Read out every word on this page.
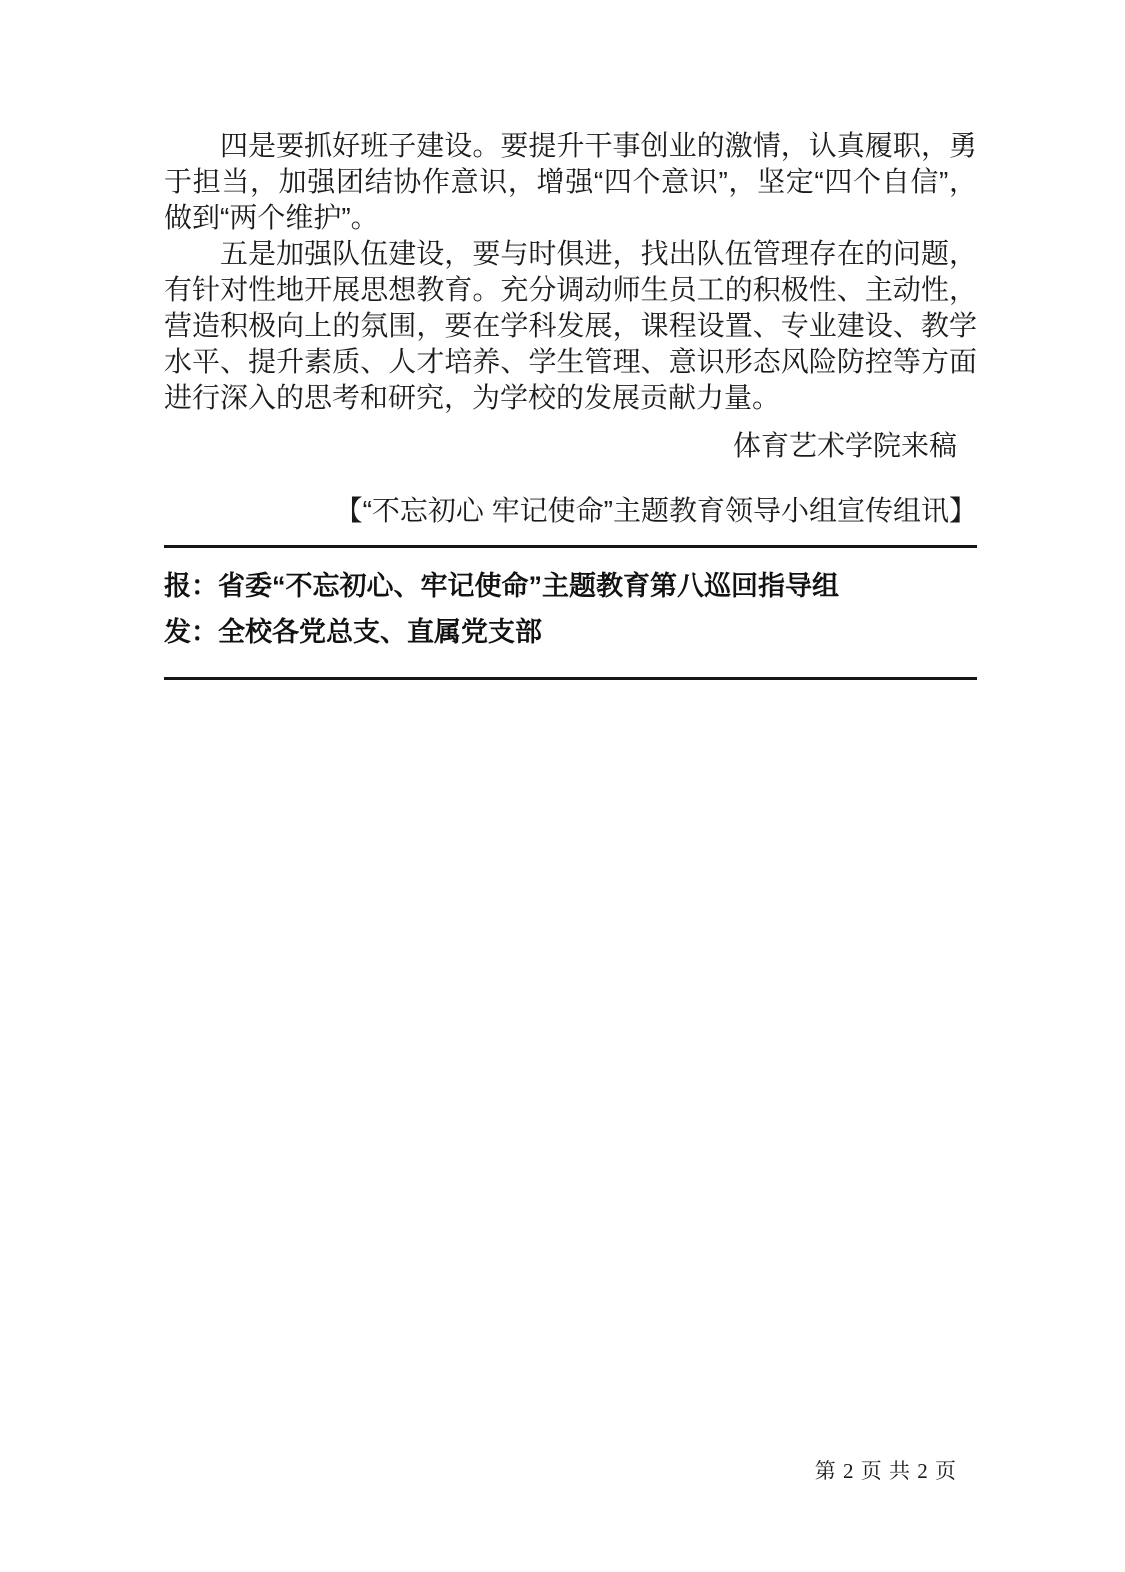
四是要抓好班子建设。要提升干事创业的激情，认真履职，勇于担当，加强团结协作意识，增强“四个意识”，坚定“四个自信”，做到“两个维护”。

五是加强队伍建设，要与时俱进，找出队伍管理存在的问题，有针对性地开展思想教育。充分调动师生员工的积极性、主动性，营造积极向上的氛围，要在学科发展，课程设置、专业建设、教学水平、提升素质、人才培养、学生管理、意识形态风险防控等方面进行深入的思考和研究，为学校的发展贡献力量。

体育艺术学院来稿

【“不忘初心 牢记使命”主题教育领导小组宣传组讯】

报：省委“不忘初心、牢记使命”主题教育第八巡回指导组

发：全校各党总支、直属党支部

第 2 页 共 2 页
